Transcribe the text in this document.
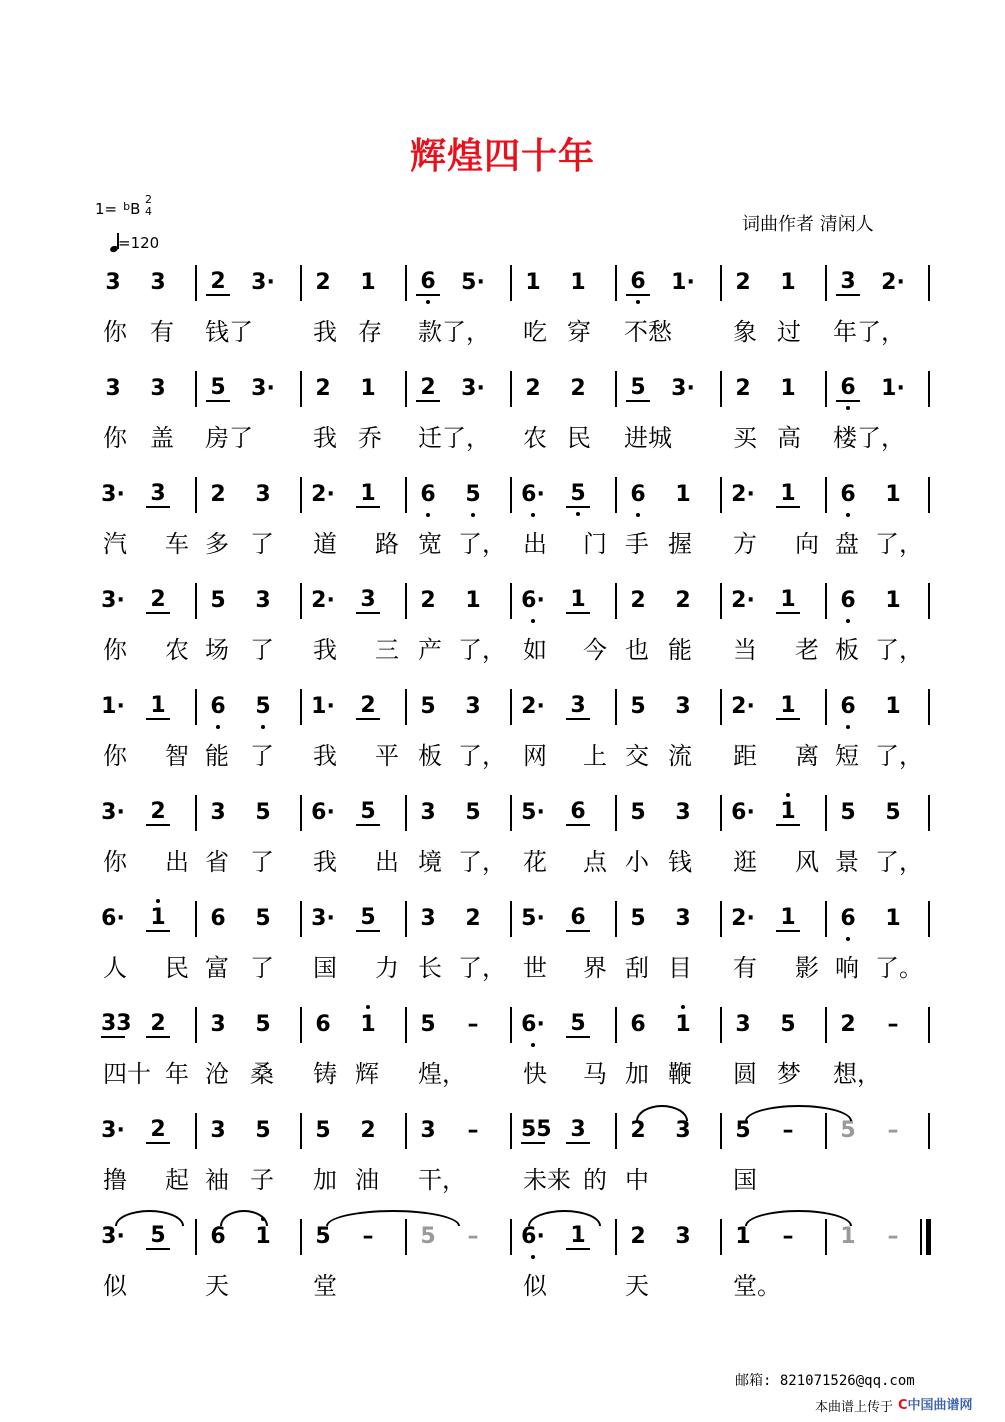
辉煌四十年
1= $^b$B
2
4
=120
词曲作者 清闲人
3 3 2 3· 2 1 6 5· 1 1 6 1· 2 1 3 2·
你 有 钱了	我 存 款了， 吃 穿 不愁	象 过 年了，
3 3 5 3· 2 1 2 3· 2 2 5 3· 2 1 6 1·
你 盖 房了	我 乔 迁了， 农 民 进城	买 高 楼了，
3· 3 2 3 2· 1 6 5 6· 5 6 1 2· 1 6 1
汽 车 多 了 道 路 宽 了， 出 门 手 握 方 向 盘 了，
3· 2 5 3 2· 3 2 1 6· 1 2 2 2· 1 6 1
你 农 场 了 我 三 产 了， 如 今 也 能 当 老 板 了，
1· 1 6 5 1· 2 5 3 2· 3 5 3 2· 1 6 1
你 智 能 了 我 平 板 了， 网 上 交 流 距 离 短 了，
3· 2 3 5 6· 5 3 5 5· 6 5 3 6· 1 5 5
你 出 省 了 我 出 境 了， 花 点 小 钱 逛 风 景 了，
6· 1 6 5 3· 5 3 2 5· 6 5 3 2· 1 6 1
人 民 富 了 国 力 长 了， 世 界 刮 目 有 影 响 了。
33 2 3 5 6 1 5 – 6· 5 6 1 3 5 2 –
四十 年 沧 桑 铸 辉 煌， 快 马 加 鞭 圆 梦 想，
3· 2 3 5 5 2 3 – 55 3 2 3 5 – 5 –
撸 起 袖 子 加 油 干， 未来 的 中	国
3· 5 6 1 5 – 5 – 6· 1 2 3 1 – 1 –
似	天	堂	似	天	堂。
邮箱: 821071526@qq.com
本曲谱上传于 C中国曲谱网
